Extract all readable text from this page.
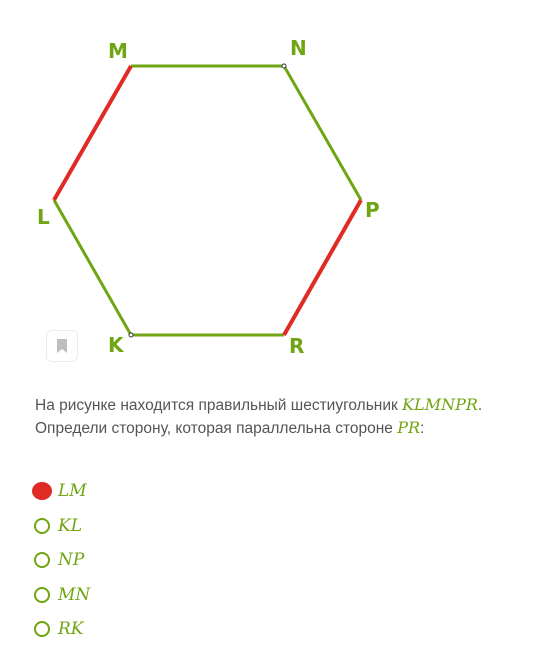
M	N
L	P
K	R
На рисунке находится правильный шестиугольник KLMNPR.
Определи сторону, которая параллельна стороне PR:
LM
KL
NP
MN
RK
